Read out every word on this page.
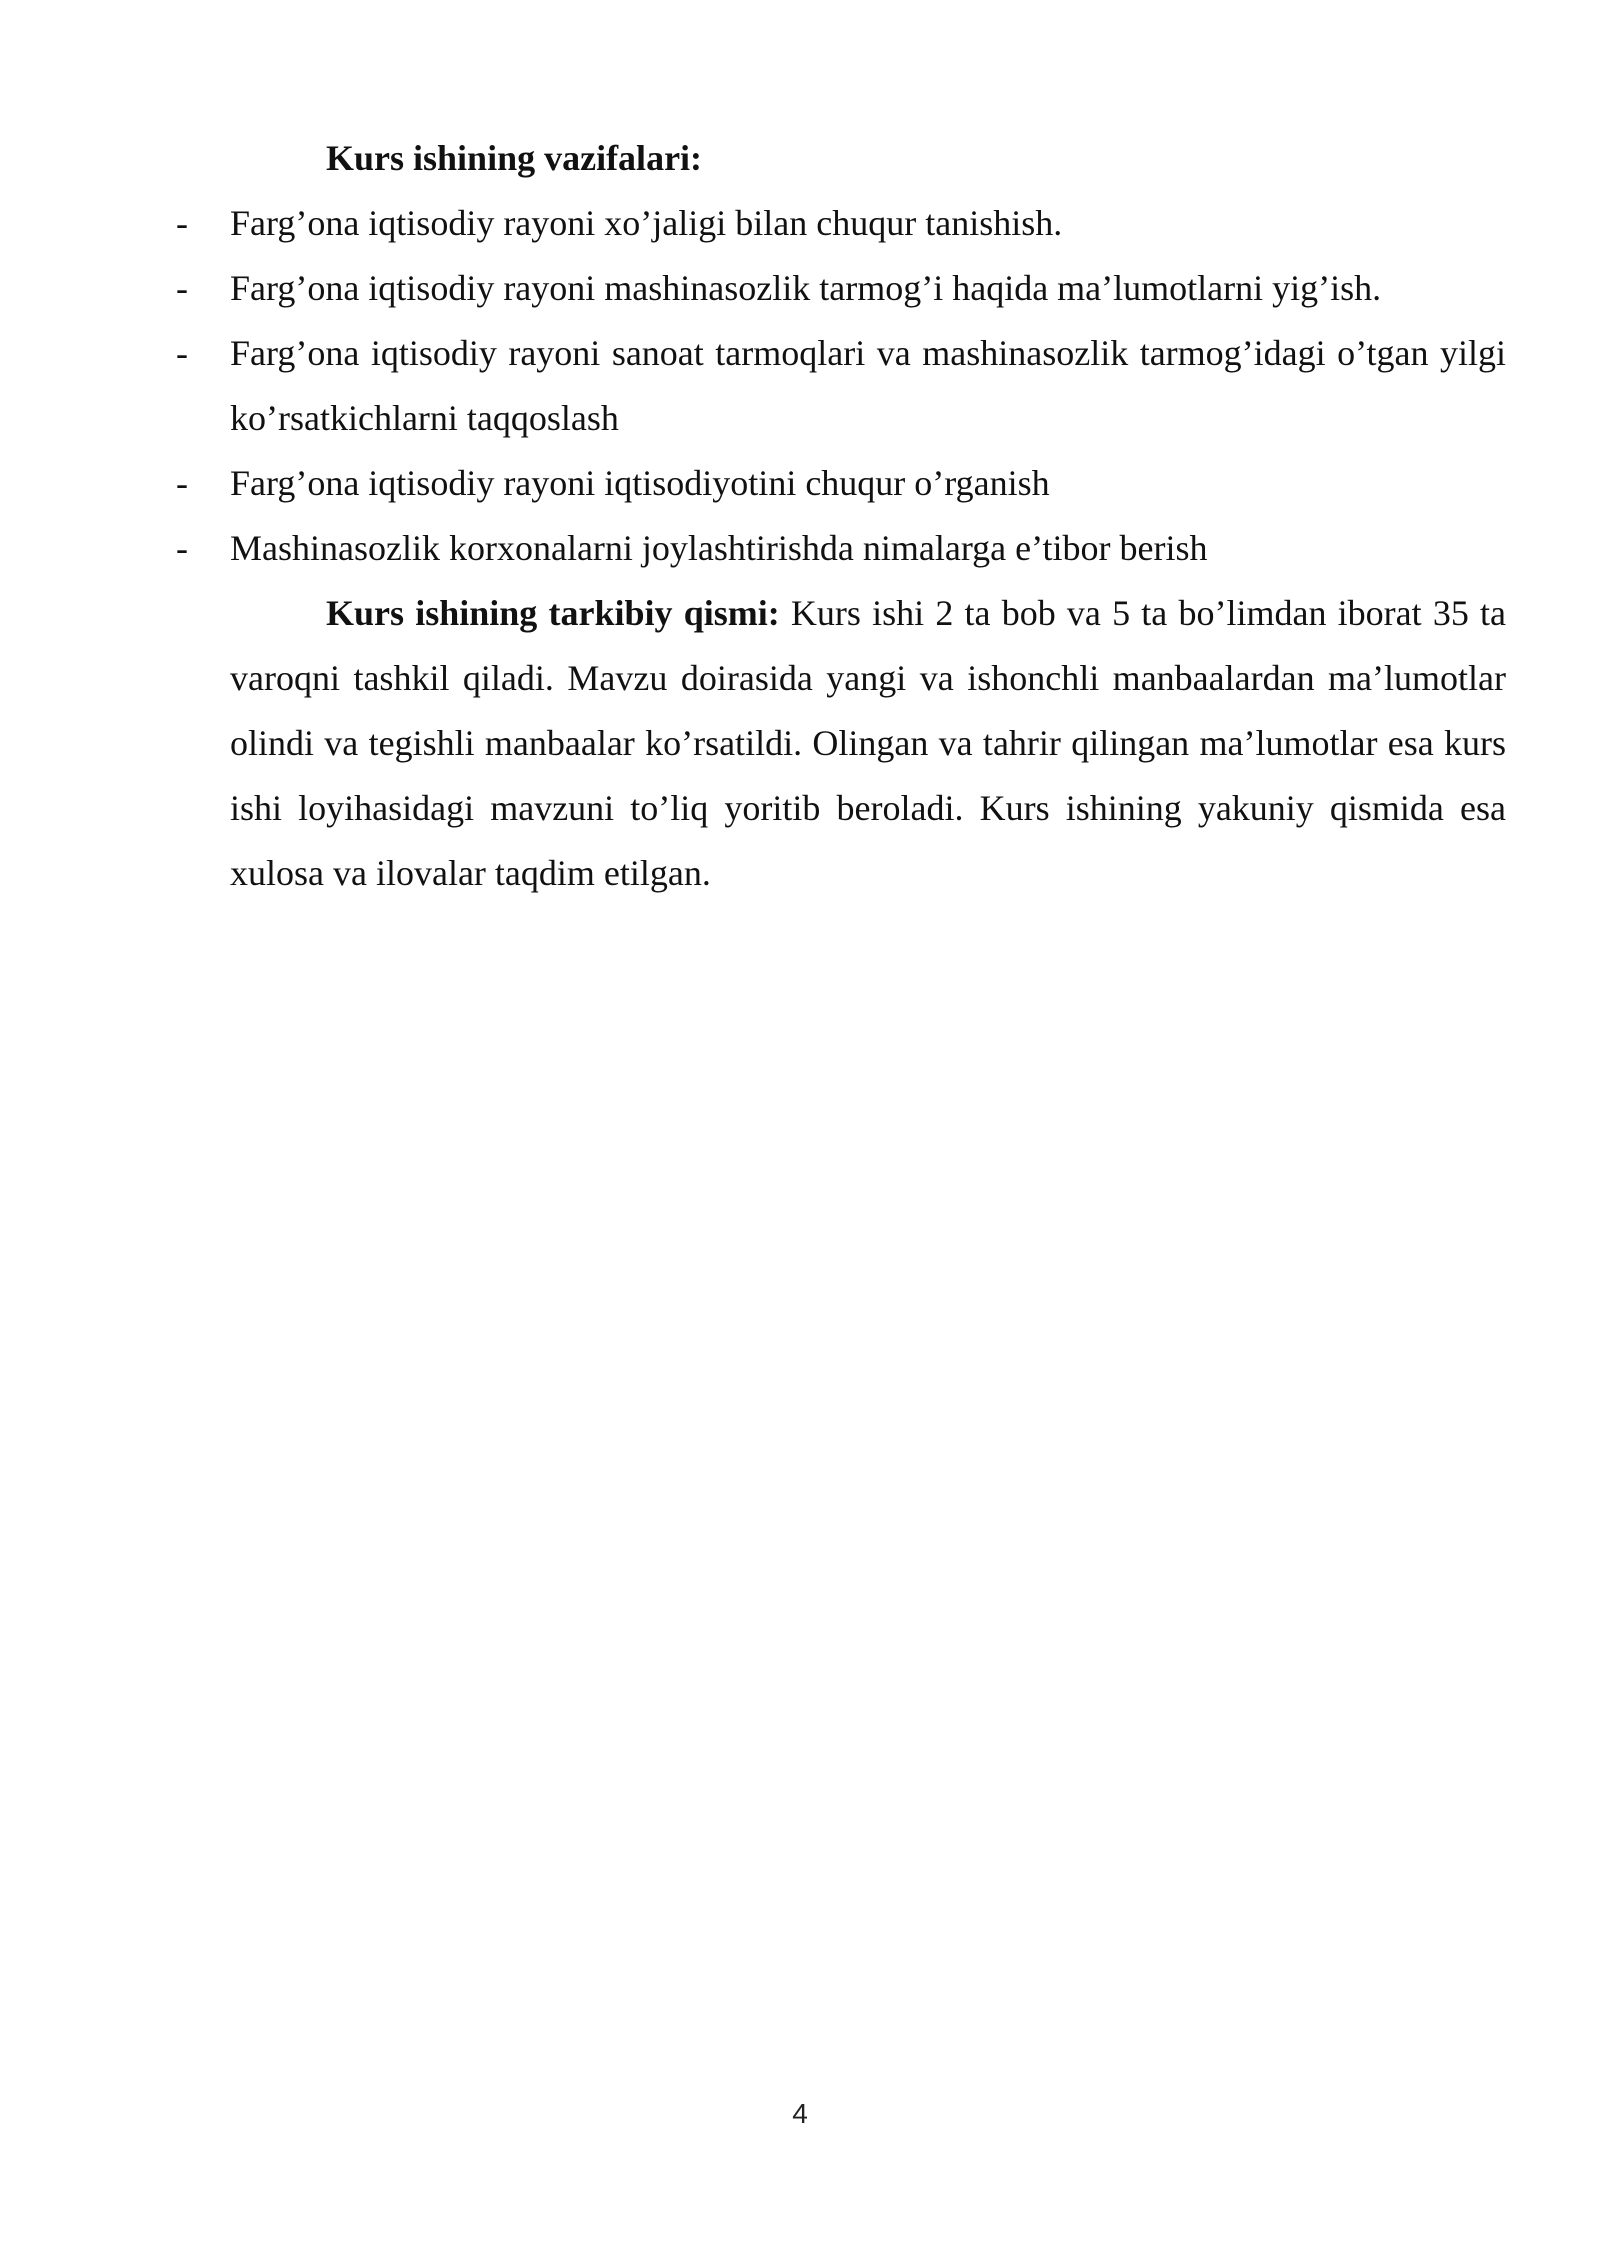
Kurs ishining vazifalari:

- Farg’ona iqtisodiy rayoni xo’jaligi bilan chuqur tanishish.
- Farg’ona iqtisodiy rayoni mashinasozlik tarmog’i haqida ma’lumotlarni yig’ish.
- Farg’ona iqtisodiy rayoni sanoat tarmoqlari va mashinasozlik tarmog’idagi o’tgan yilgi ko’rsatkichlarni taqqoslash
- Farg’ona iqtisodiy rayoni iqtisodiyotini chuqur o’rganish
- Mashinasozlik korxonalarni joylashtirishda nimalarga e’tibor berish

Kurs ishining tarkibiy qismi: Kurs ishi 2 ta bob va 5 ta bo’limdan iborat 35 ta varoqni tashkil qiladi. Mavzu doirasida yangi va ishonchli manbaalardan ma’lumotlar olindi va tegishli manbaalar ko’rsatildi. Olingan va tahrir qilingan ma’lumotlar esa kurs ishi loyihasidagi mavzuni to’liq yoritib beroladi. Kurs ishining yakuniy qismida esa xulosa va ilovalar taqdim etilgan.

4
